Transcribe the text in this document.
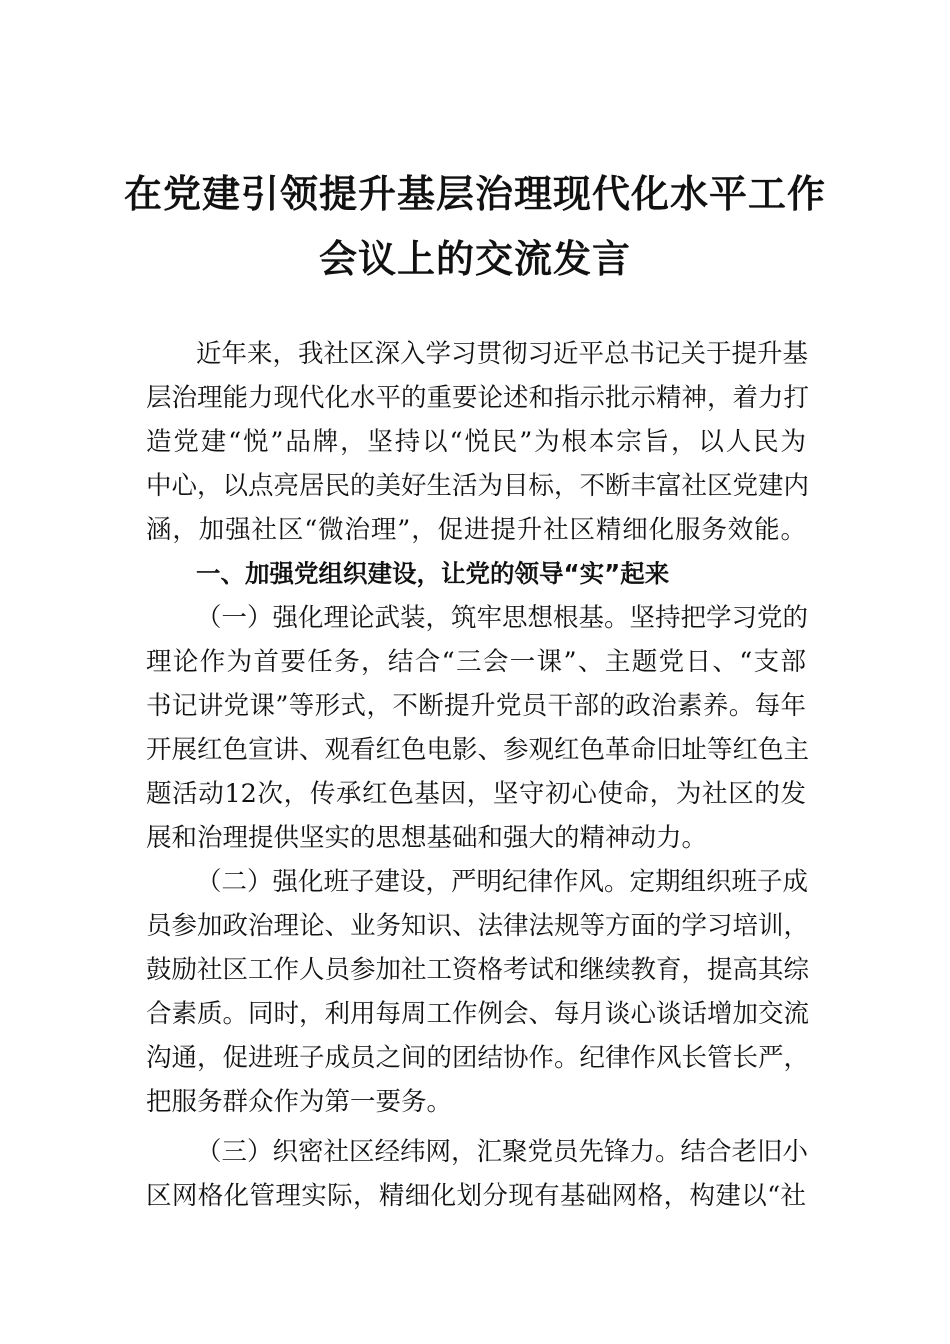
在党建引领提升基层治理现代化水平工作
会议上的交流发言
近年来，我社区深入学习贯彻习近平总书记关于提升基
层治理能力现代化水平的重要论述和指示批示精神，着力打
造党建“悦”品牌，坚持以“悦民”为根本宗旨，以人民为
中心，以点亮居民的美好生活为目标，不断丰富社区党建内
涵，加强社区“微治理”，促进提升社区精细化服务效能。
一、加强党组织建设，让党的领导“实”起来
（一）强化理论武装，筑牢思想根基。坚持把学习党的
理论作为首要任务，结合“三会一课”、主题党日、“支部
书记讲党课”等形式，不断提升党员干部的政治素养。每年
开展红色宣讲、观看红色电影、参观红色革命旧址等红色主
题活动12次，传承红色基因，坚守初心使命，为社区的发
展和治理提供坚实的思想基础和强大的精神动力。
（二）强化班子建设，严明纪律作风。定期组织班子成
员参加政治理论、业务知识、法律法规等方面的学习培训，
鼓励社区工作人员参加社工资格考试和继续教育，提高其综
合素质。同时，利用每周工作例会、每月谈心谈话增加交流
沟通，促进班子成员之间的团结协作。纪律作风长管长严，
把服务群众作为第一要务。
（三）织密社区经纬网，汇聚党员先锋力。结合老旧小
区网格化管理实际，精细化划分现有基础网格，构建以“社
